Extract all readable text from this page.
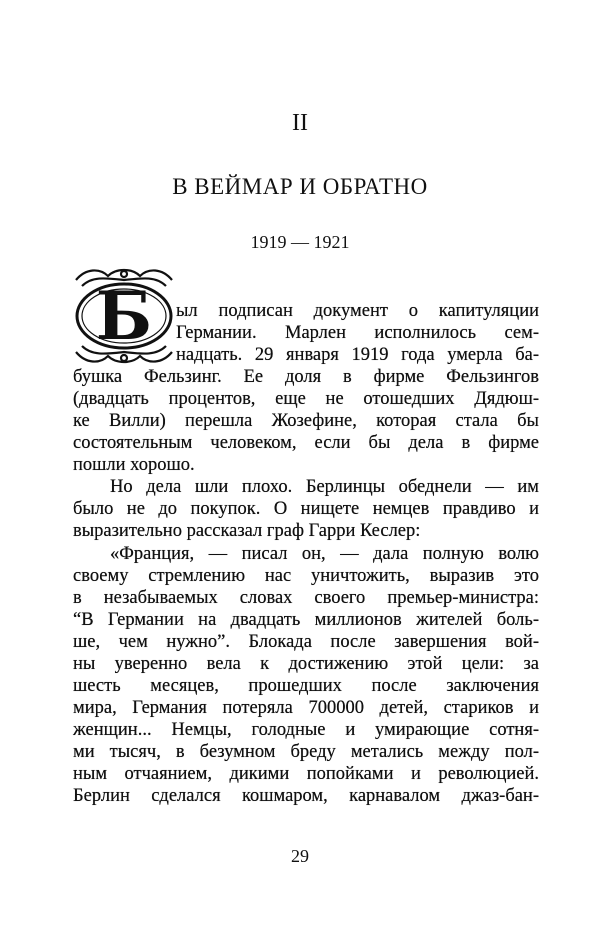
II
В ВЕЙМАР И ОБРАТНО
1919 — 1921
Б	ыл подписан документ о капитуляции
Германии. Марлен исполнилось сем-
надцать. 29 января 1919 года умерла ба-
бушка Фельзинг. Ее доля в фирме Фельзингов
(двадцать процентов, еще не отошедших Дядюш-
ке Вилли) перешла Жозефине, которая стала бы
состоятельным человеком, если бы дела в фирме
пошли хорошо.
Но дела шли плохо. Берлинцы обеднели — им
было не до покупок. О нищете немцев правдиво и
выразительно рассказал граф Гарри Кеслер:
«Франция, — писал он, — дала полную волю
своему стремлению нас уничтожить, выразив это
в незабываемых словах своего премьер-министра:
“В Германии на двадцать миллионов жителей боль-
ше, чем нужно”. Блокада после завершения вой-
ны уверенно вела к достижению этой цели: за
шесть месяцев, прошедших после заключения
мира, Германия потеряла 700000 детей, стариков и
женщин... Немцы, голодные и умирающие сотня-
ми тысяч, в безумном бреду метались между пол-
ным отчаянием, дикими попойками и революцией.
Берлин сделался кошмаром, карнавалом джаз-бан-
29
